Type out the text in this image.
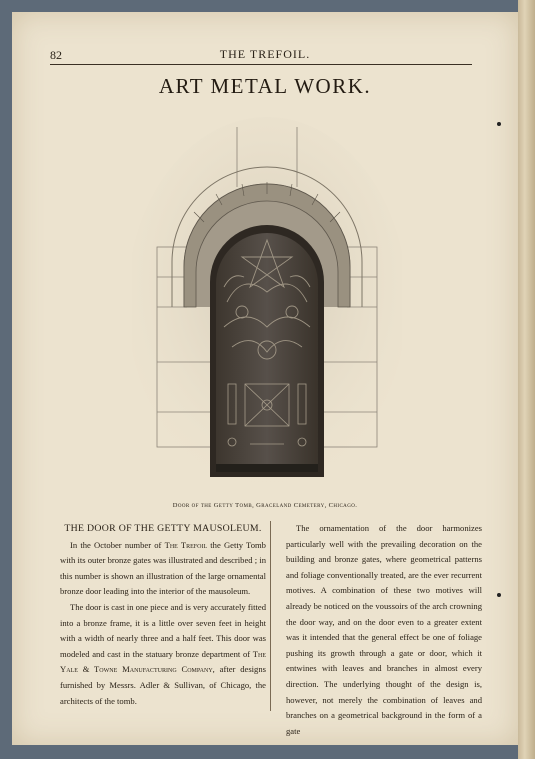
82	THE TREFOIL.
ART METAL WORK.
Door of the Getty Tomb, Graceland Cemetery, Chicago.

THE DOOR OF THE GETTY MAUSOLEUM.

In the October number of The Trefoil the Getty Tomb with its outer bronze gates was illustrated and described ; in this number is shown an illustration of the large ornamental bronze door leading into the interior of the mausoleum.

The door is cast in one piece and is very accurately fitted into a bronze frame, it is a little over seven feet in height with a width of nearly three and a half feet. This door was modeled and cast in the statuary bronze department of The Yale & Towne Manufacturing Company, after designs furnished by Messrs. Adler & Sullivan, of Chicago, the architects of the tomb.

The ornamentation of the door harmonizes particularly well with the prevailing decoration on the building and bronze gates, where geometrical patterns and foliage conventionally treated, are the ever recurrent motives. A combination of these two motives will already be noticed on the voussoirs of the arch crowning the door way, and on the door even to a greater extent was it intended that the general effect be one of foliage pushing its growth through a gate or door, which it entwines with leaves and branches in almost every direction. The underlying thought of the design is, however, not merely the combination of leaves and branches on a geometrical background in the form of a gate
